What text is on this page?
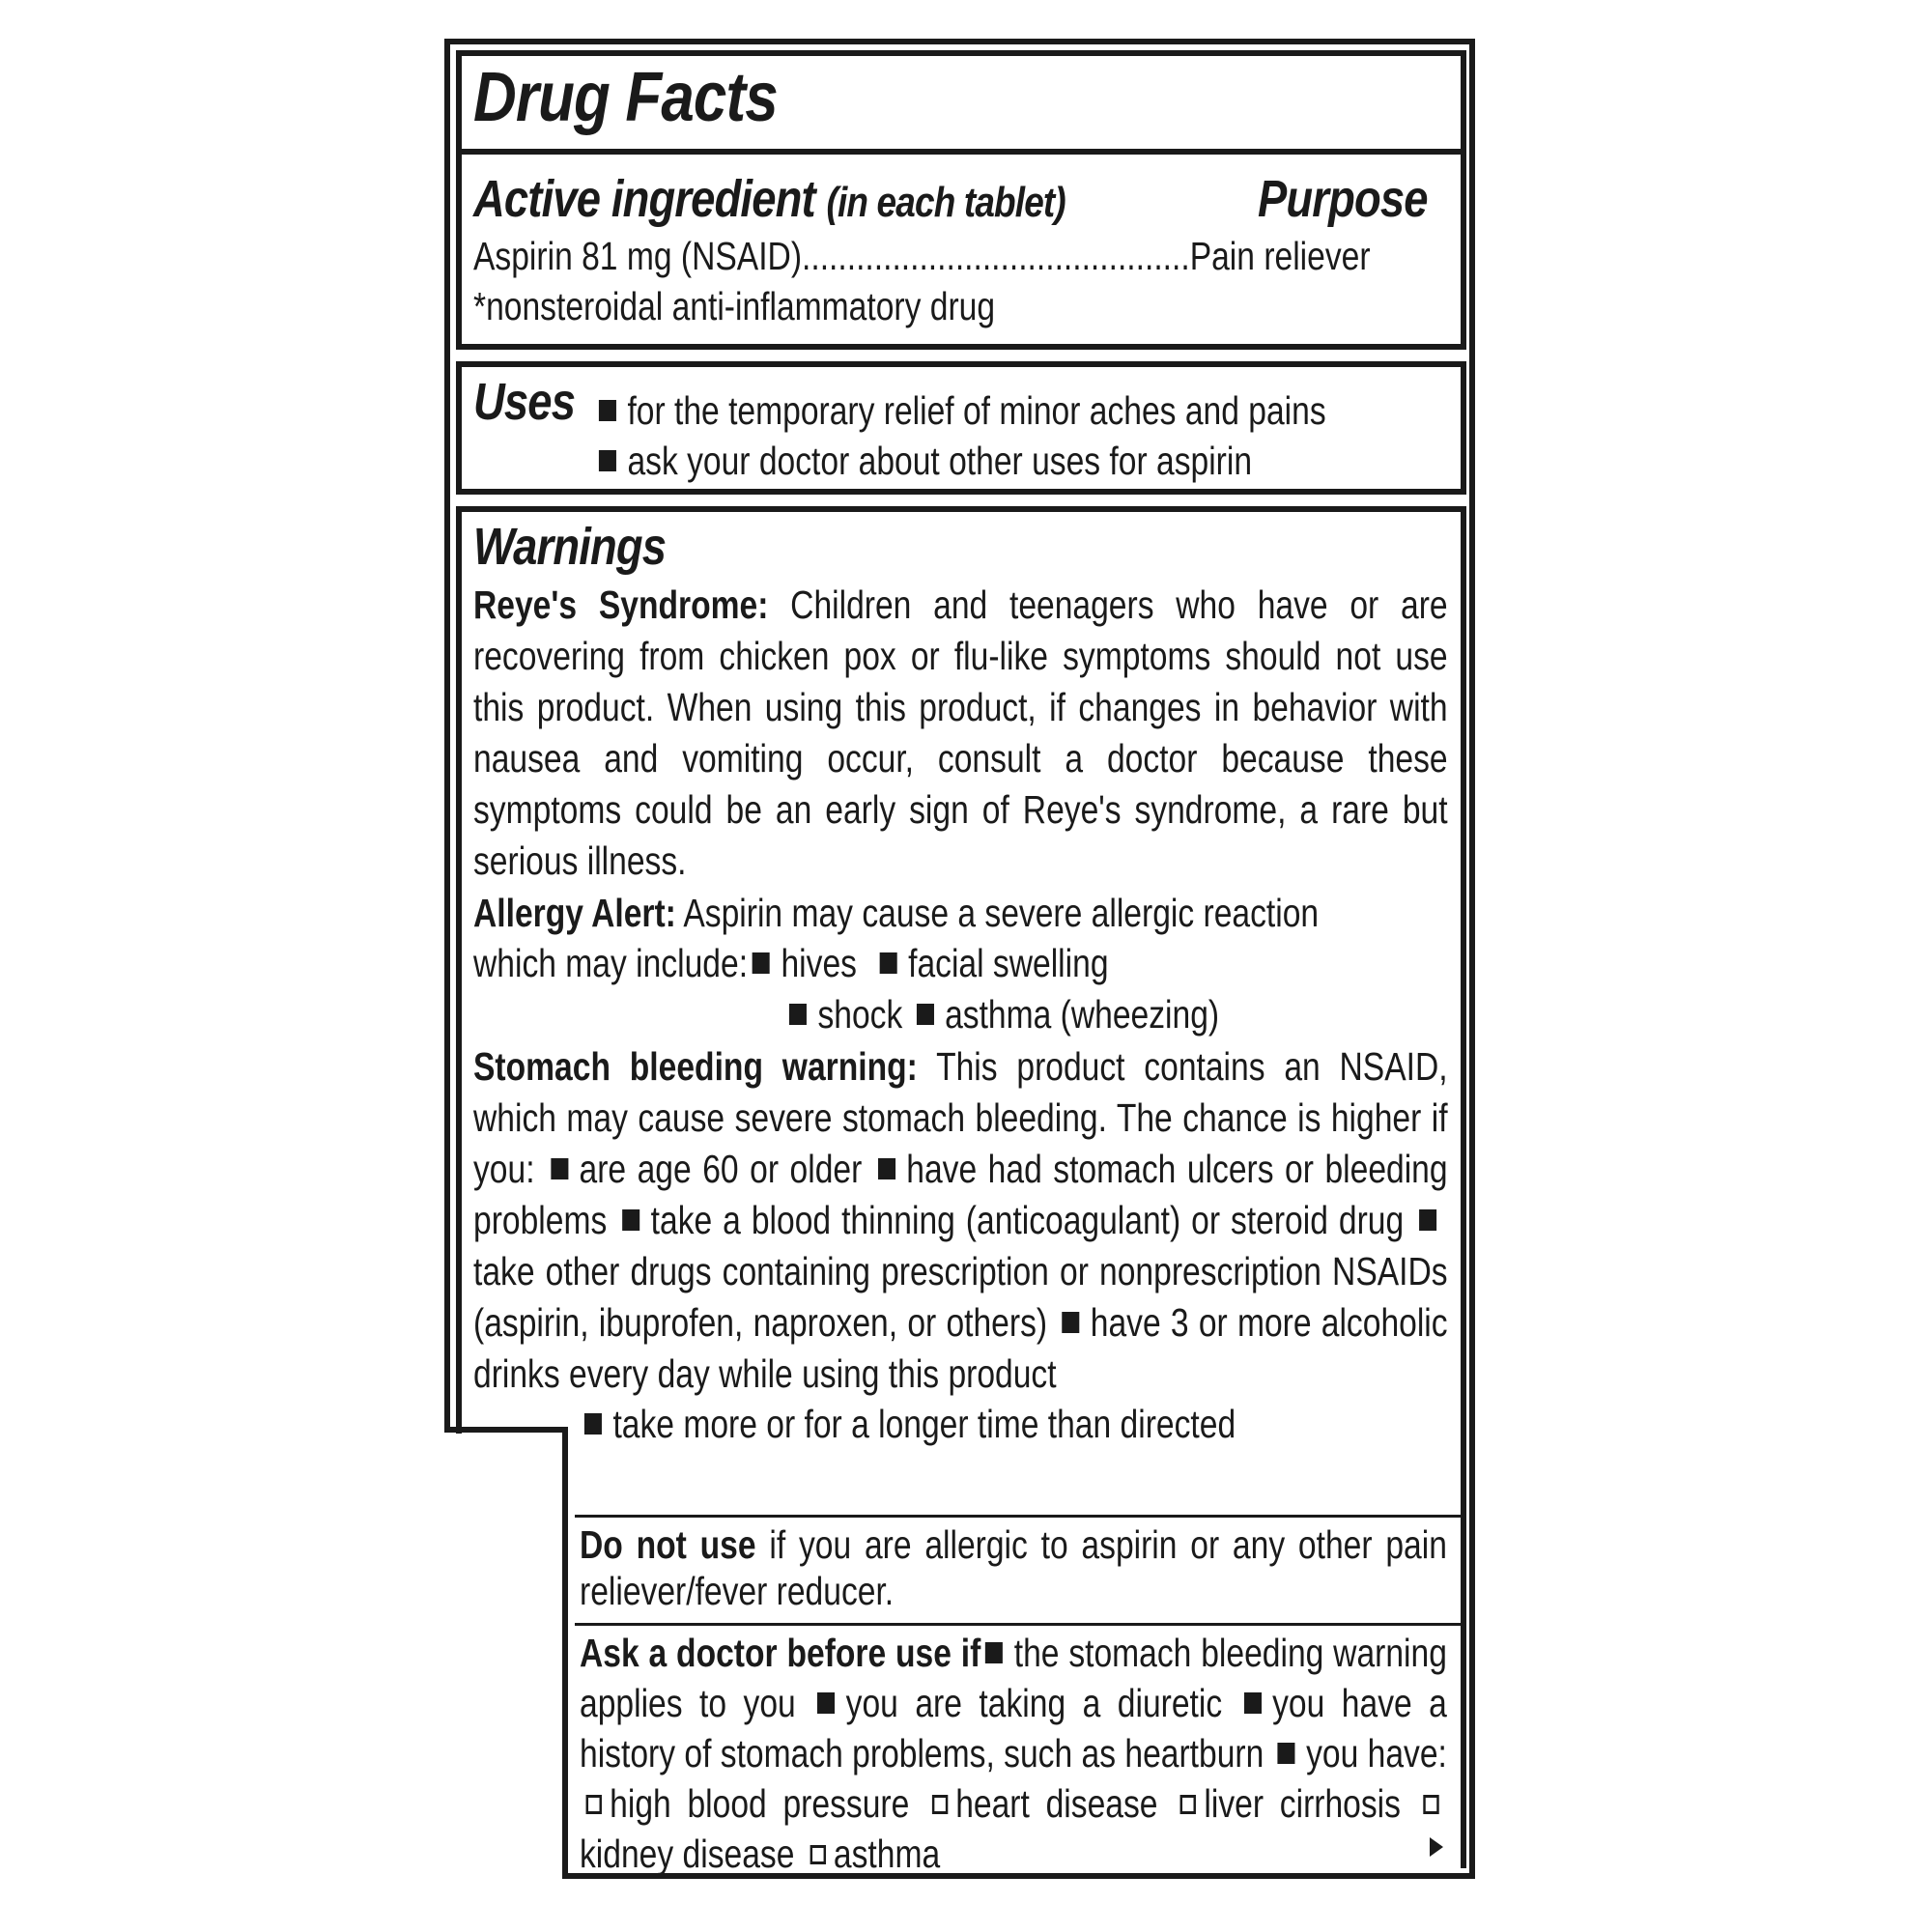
Drug Facts
Active ingredient (in each tablet)	Purpose
Aspirin 81 mg (NSAID)...........................................Pain reliever
*nonsteroidal anti-inflammatory drug
Uses	for the temporary relief of minor aches and pains
ask your doctor about other uses for aspirin
Warnings
Reye's Syndrome: Children and teenagers who have or are recovering from chicken pox or flu-like symptoms should not use this product. When using this product, if changes in behavior with nausea and vomiting occur, consult a doctor because these symptoms could be an early sign of Reye's syndrome, a rare but serious illness.
Allergy Alert: Aspirin may cause a severe allergic reaction
which may include: hives facial swelling
shock asthma (wheezing)
Stomach bleeding warning: This product contains an NSAID, which may cause severe stomach bleeding. The chance is higher if you: are age 60 or older have had stomach ulcers or bleeding problems take a blood thinning (anticoagulant) or steroid drug take other drugs containing prescription or nonprescription NSAIDs (aspirin, ibuprofen, naproxen, or others) have 3 or more alcoholic drinks every day while using this product
take more or for a longer time than directed
Do not use if you are allergic to aspirin or any other pain reliever/fever reducer.
Ask a doctor before use if the stomach bleeding warning applies to you you are taking a diuretic you have a history of stomach problems, such as heartburn you have: high blood pressure heart disease liver cirrhosis kidney disease asthma
